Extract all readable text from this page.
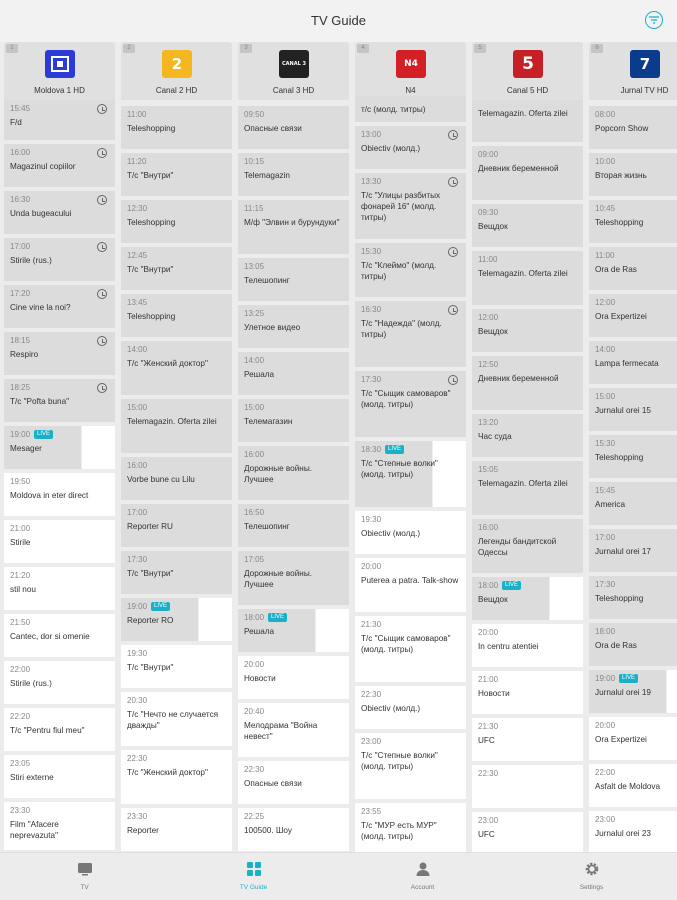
TV Guide
1
Moldova 1 HD
15:45
F/d
16:00
Magazinul copiilor
16:30
Unda bugeacului
17:00
Stirile (rus.)
17:20
Cine vine la noi?
18:15
Respiro
18:25
T/c "Pofta buna"
19:00	LIVE
Mesager
19:50
Moldova in eter direct
21:00
Stirile
21:20
stil nou
21:50
Cantec, dor si omenie
22:00
Stirile (rus.)
22:20
T/c "Pentru fiul meu"
23:05
Stiri externe
23:30
Film "Afacere neprevazuta"
2
2
Canal 2 HD
11:00
Teleshopping
11:20
T/c "Внутри"
12:30
Teleshopping
12:45
T/c "Внутри"
13:45
Teleshopping
14:00
T/c "Женский доктор"
15:00
Telemagazin. Oferta zilei
16:00
Vorbe bune cu Lilu
17:00
Reporter RU
17:30
T/c "Внутри"
19:00	LIVE
Reporter RO
19:30
T/c "Внутри"
20:30
T/c "Нечто не случается дважды"
22:30
T/c "Женский доктор"
23:30
Reporter
3
CANAL 3
Canal 3 HD
09:50
Опасные связи
10:15
Telemagazin
11:15
М/ф "Элвин и бурундуки"
13:05
Телешопинг
13:25
Улетное видео
14:00
Решала
15:00
Телемагазин
16:00
Дорожные войны. Лучшее
16:50
Телешопинг
17:05
Дорожные войны. Лучшее
18:00	LIVE
Решала
20:00
Новости
20:40
Мелодрама "Война невест"
22:30
Опасные связи
22:25
100500. Шоу
4
N4
N4
т/с (молд. титры)
13:00
Obiectiv (молд.)
13:30
Т/с "Улицы разбитых фонарей 16" (молд. титры)
15:30
Т/с "Клеймо" (молд. титры)
16:30
Т/с "Надежда" (молд. титры)
17:30
Т/с "Сыщик самоваров" (молд. титры)
18:30	LIVE
Т/с "Степные волки" (молд. титры)
19:30
Obiectiv (молд.)
20:00
Puterea a patra. Talk-show
21:30
Т/с "Сыщик самоваров" (молд. титры)
22:30
Obiectiv (молд.)
23:00
Т/с "Степные волки" (молд. титры)
23:55
Т/с "МУР есть МУР" (молд. титры)
5
5
Canal 5 HD
Telemagazin. Oferta zilei
09:00
Дневник беременной
09:30
Вещдок
11:00
Telemagazin. Oferta zilei
12:00
Вещдок
12:50
Дневник беременной
13:20
Час суда
15:05
Telemagazin. Oferta zilei
16:00
Легенды бандитской Одессы
18:00	LIVE
Вещдок
20:00
In centru atentiei
21:00
Новости
21:30
UFC
22:30
23:00
UFC
6
7
Jurnal TV HD
08:00
Popcorn Show
10:00
Вторая жизнь
10:45
Teleshopping
11:00
Ora de Ras
12:00
Ora Expertizei
14:00
Lampa fermecata
15:00
Jurnalul orei 15
15:30
Teleshopping
15:45
America
17:00
Jurnalul orei 17
17:30
Teleshopping
18:00
Ora de Ras
19:00	LIVE
Jurnalul orei 19
20:00
Ora Expertizei
22:00
Asfalt de Moldova
23:00
Jurnalul orei 23
TV	TV Guide	Account	Settings
